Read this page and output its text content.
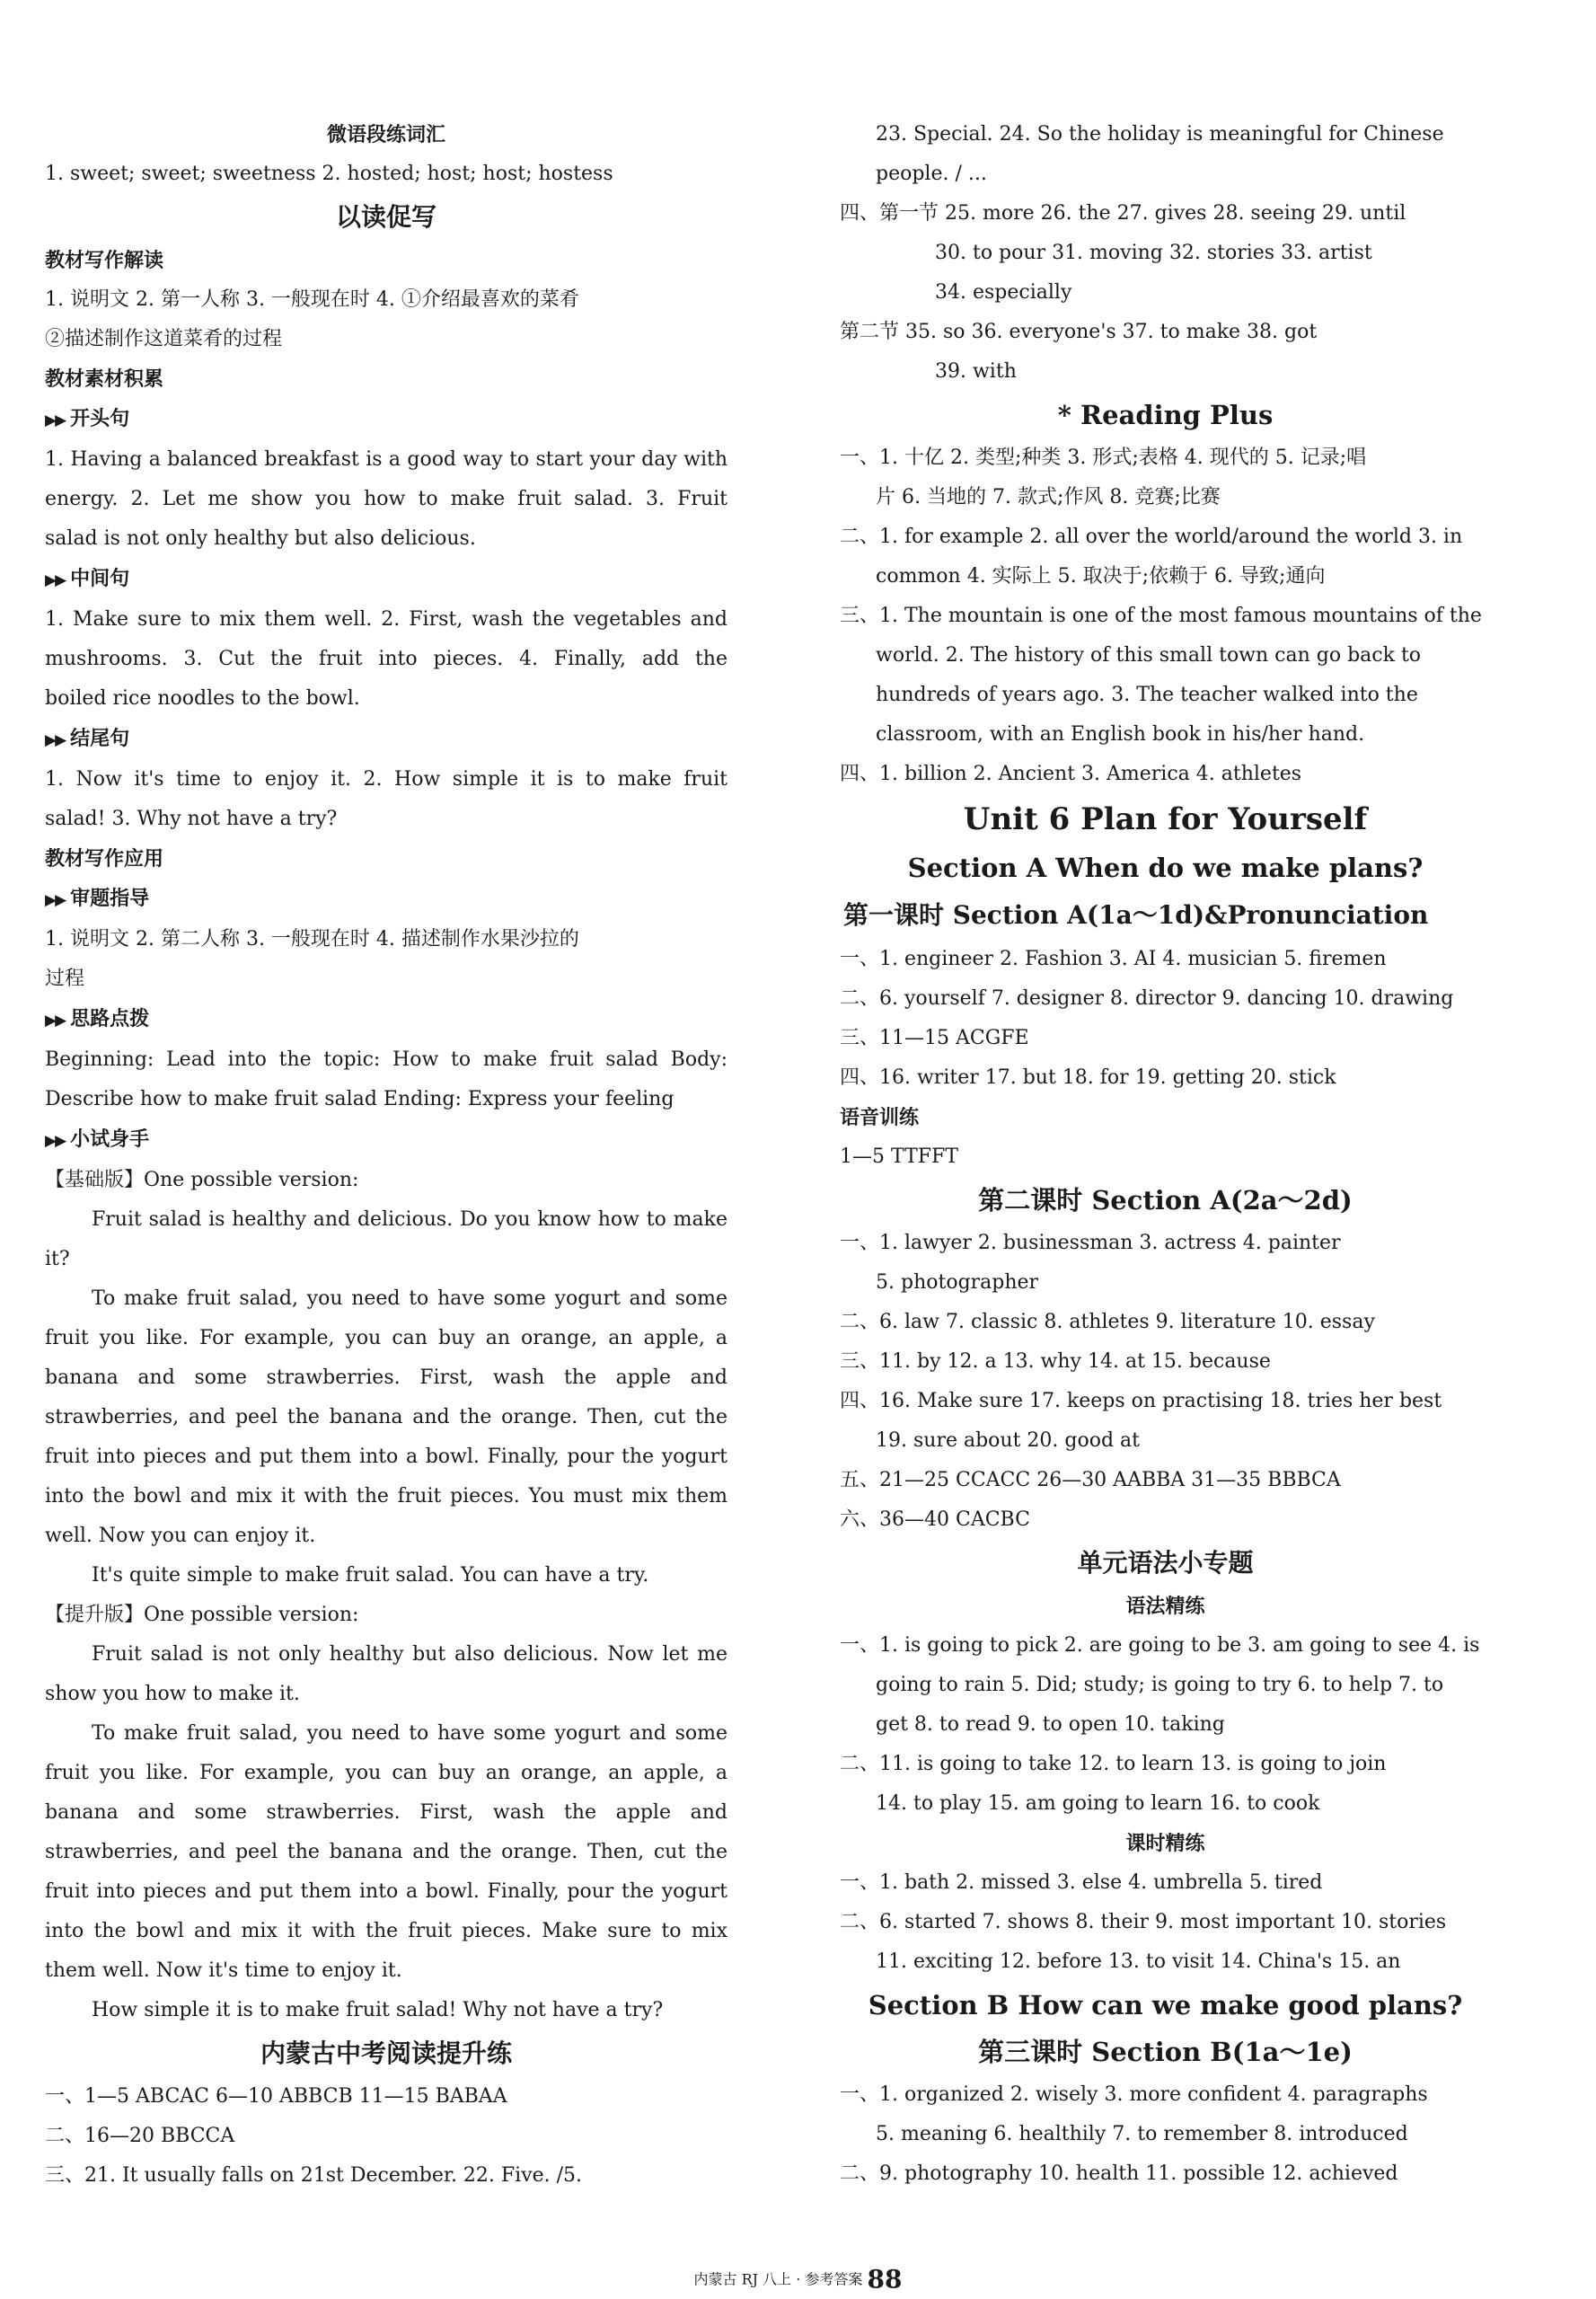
微语段练词汇
1. sweet; sweet; sweetness 2. hosted; host; host; hostess
以读促写
教材写作解读
1. 说明文 2. 第一人称 3. 一般现在时 4. ①介绍最喜欢的菜肴
②描述制作这道菜肴的过程
教材素材积累
▶▶ 开头句
1. Having a balanced breakfast is a good way to start your day with
energy. 2. Let me show you how to make fruit salad. 3. Fruit
salad is not only healthy but also delicious.
▶▶ 中间句
1. Make sure to mix them well. 2. First, wash the vegetables and
mushrooms. 3. Cut the fruit into pieces. 4. Finally, add the
boiled rice noodles to the bowl.
▶▶ 结尾句
1. Now it's time to enjoy it. 2. How simple it is to make fruit
salad! 3. Why not have a try?
教材写作应用
▶▶ 审题指导
1. 说明文 2. 第二人称 3. 一般现在时 4. 描述制作水果沙拉的
过程
▶▶ 思路点拨
Beginning: Lead into the topic: How to make fruit salad Body:
Describe how to make fruit salad Ending: Express your feeling
▶▶ 小试身手
【基础版】One possible version:
Fruit salad is healthy and delicious. Do you know how to make
it?
To make fruit salad, you need to have some yogurt and some
fruit you like. For example, you can buy an orange, an apple, a
banana and some strawberries. First, wash the apple and
strawberries, and peel the banana and the orange. Then, cut the
fruit into pieces and put them into a bowl. Finally, pour the yogurt
into the bowl and mix it with the fruit pieces. You must mix them
well. Now you can enjoy it.
It's quite simple to make fruit salad. You can have a try.
【提升版】One possible version:
Fruit salad is not only healthy but also delicious. Now let me
show you how to make it.
To make fruit salad, you need to have some yogurt and some
fruit you like. For example, you can buy an orange, an apple, a
banana and some strawberries. First, wash the apple and
strawberries, and peel the banana and the orange. Then, cut the
fruit into pieces and put them into a bowl. Finally, pour the yogurt
into the bowl and mix it with the fruit pieces. Make sure to mix
them well. Now it's time to enjoy it.
How simple it is to make fruit salad! Why not have a try?
内蒙古中考阅读提升练
一、1—5 ABCAC 6—10 ABBCB 11—15 BABAA
二、16—20 BBCCA
三、21. It usually falls on 21st December. 22. Five. /5.
23. Special. 24. So the holiday is meaningful for Chinese
people. / ...
四、第一节 25. more 26. the 27. gives 28. seeing 29. until
30. to pour 31. moving 32. stories 33. artist
34. especially
第二节 35. so 36. everyone's 37. to make 38. got
39. with
* Reading Plus
一、1. 十亿 2. 类型;种类 3. 形式;表格 4. 现代的 5. 记录;唱
片 6. 当地的 7. 款式;作风 8. 竞赛;比赛
二、1. for example 2. all over the world/around the world 3. in
common 4. 实际上 5. 取决于;依赖于 6. 导致;通向
三、1. The mountain is one of the most famous mountains of the
world. 2. The history of this small town can go back to
hundreds of years ago. 3. The teacher walked into the
classroom, with an English book in his/her hand.
四、1. billion 2. Ancient 3. America 4. athletes
Unit 6 Plan for Yourself
Section A When do we make plans?
第一课时 Section A(1a～1d)&Pronunciation
一、1. engineer 2. Fashion 3. AI 4. musician 5. firemen
二、6. yourself 7. designer 8. director 9. dancing 10. drawing
三、11—15 ACGFE
四、16. writer 17. but 18. for 19. getting 20. stick
语音训练
1—5 TTFFT
第二课时 Section A(2a～2d)
一、1. lawyer 2. businessman 3. actress 4. painter
5. photographer
二、6. law 7. classic 8. athletes 9. literature 10. essay
三、11. by 12. a 13. why 14. at 15. because
四、16. Make sure 17. keeps on practising 18. tries her best
19. sure about 20. good at
五、21—25 CCACC 26—30 AABBA 31—35 BBBCA
六、36—40 CACBC
单元语法小专题
语法精练
一、1. is going to pick 2. are going to be 3. am going to see 4. is
going to rain 5. Did; study; is going to try 6. to help 7. to
get 8. to read 9. to open 10. taking
二、11. is going to take 12. to learn 13. is going to join
14. to play 15. am going to learn 16. to cook
课时精练
一、1. bath 2. missed 3. else 4. umbrella 5. tired
二、6. started 7. shows 8. their 9. most important 10. stories
11. exciting 12. before 13. to visit 14. China's 15. an
Section B How can we make good plans?
第三课时 Section B(1a～1e)
一、1. organized 2. wisely 3. more confident 4. paragraphs
5. meaning 6. healthily 7. to remember 8. introduced
二、9. photography 10. health 11. possible 12. achieved
内蒙古 RJ 八上 · 参考答案 88
